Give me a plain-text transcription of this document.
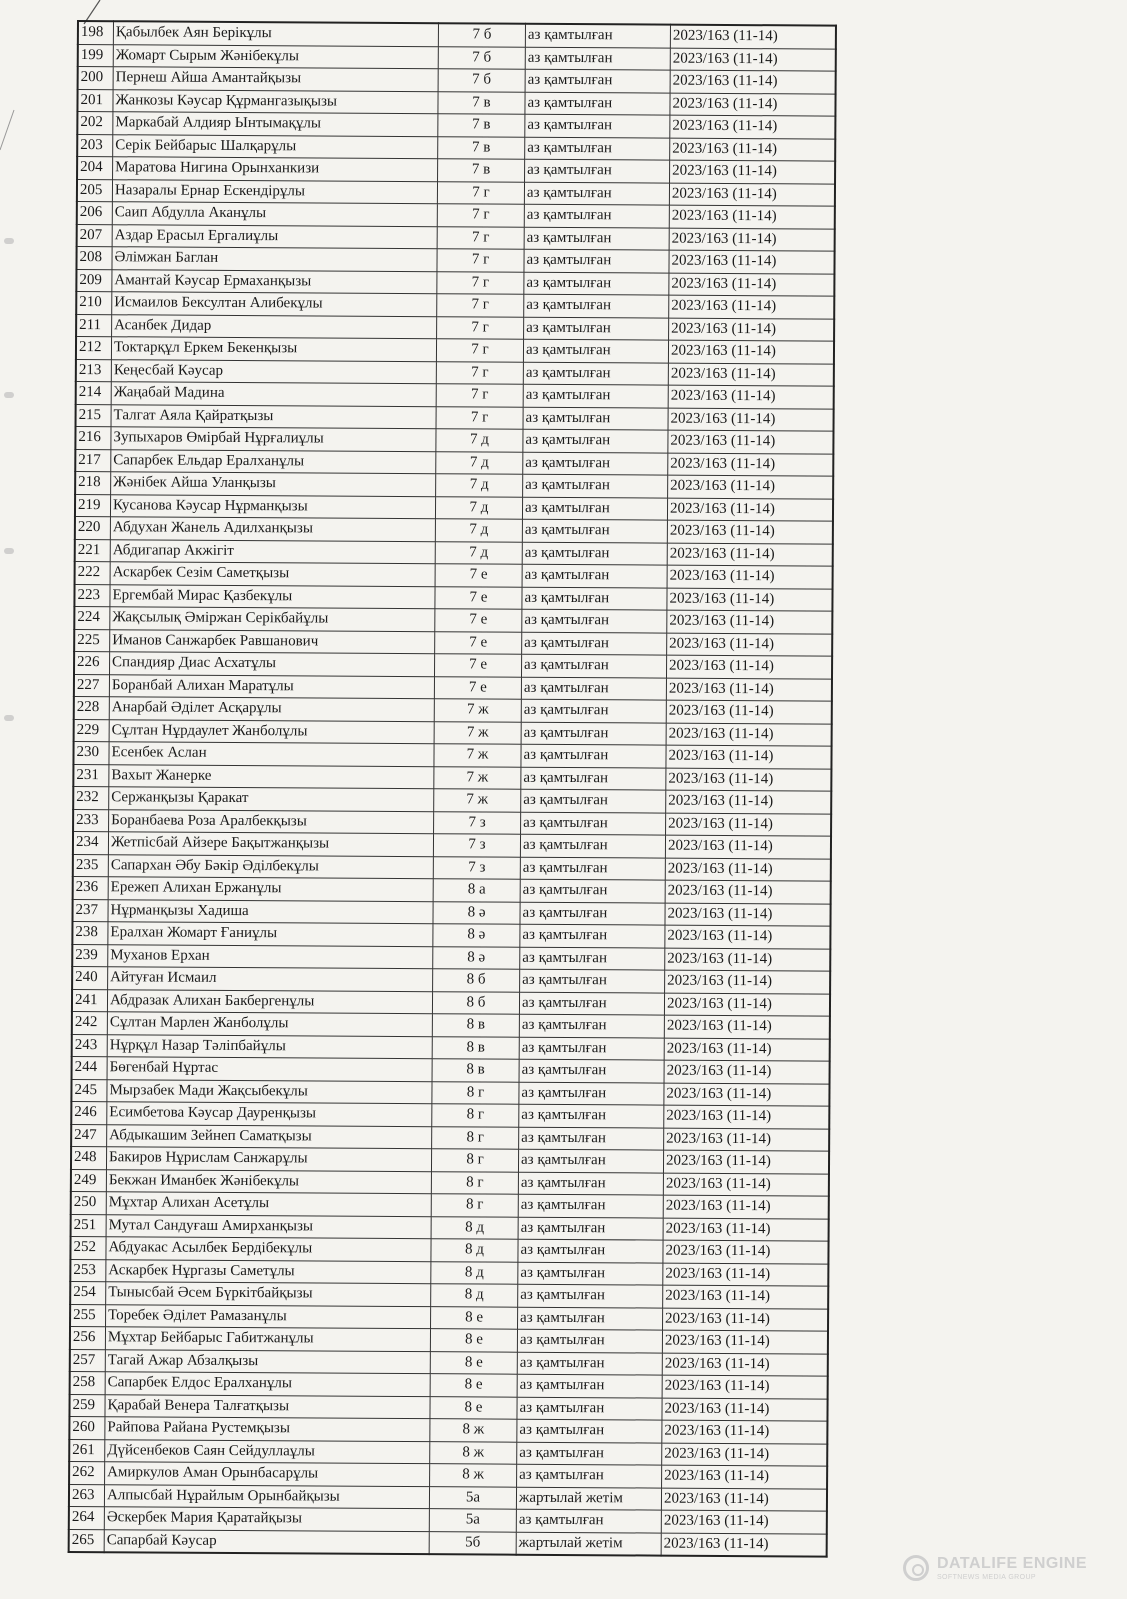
198	Қабылбек Аян Берікұлы	7 б	аз қамтылған	2023/163 (11-14)
199	Жомарт Сырым Жәнібекұлы	7 б	аз қамтылған	2023/163 (11-14)
200	Пернеш Айша Амантайқызы	7 б	аз қамтылған	2023/163 (11-14)
201	Жанкозы Кәусар Құрмангазықызы	7 в	аз қамтылған	2023/163 (11-14)
202	Маркабай Алдияр Ынтымақұлы	7 в	аз қамтылған	2023/163 (11-14)
203	Серік Бейбарыс Шалқарұлы	7 в	аз қамтылған	2023/163 (11-14)
204	Маратова Нигина Орынханкизи	7 в	аз қамтылған	2023/163 (11-14)
205	Назаралы Ернар Ескендірұлы	7 г	аз қамтылған	2023/163 (11-14)
206	Саип Абдулла Аканұлы	7 г	аз қамтылған	2023/163 (11-14)
207	Аздар Ерасыл Ергалиұлы	7 г	аз қамтылған	2023/163 (11-14)
208	Әлімжан Баглан	7 г	аз қамтылған	2023/163 (11-14)
209	Амантай Кәусар Ермаханқызы	7 г	аз қамтылған	2023/163 (11-14)
210	Исмаилов Бексултан Алибекұлы	7 г	аз қамтылған	2023/163 (11-14)
211	Асанбек Дидар	7 г	аз қамтылған	2023/163 (11-14)
212	Токтарқұл Еркем Бекенқызы	7 г	аз қамтылған	2023/163 (11-14)
213	Кеңесбай Кәусар	7 г	аз қамтылған	2023/163 (11-14)
214	Жаңабай Мадина	7 г	аз қамтылған	2023/163 (11-14)
215	Талгат Аяла Қайратқызы	7 г	аз қамтылған	2023/163 (11-14)
216	Зупыхаров Өмірбай Нұрғалиұлы	7 д	аз қамтылған	2023/163 (11-14)
217	Сапарбек Ельдар Ералханұлы	7 д	аз қамтылған	2023/163 (11-14)
218	Жәнібек Айша Уланқызы	7 д	аз қамтылған	2023/163 (11-14)
219	Кусанова Кәусар Нұрманқызы	7 д	аз қамтылған	2023/163 (11-14)
220	Абдухан Жанель Адилханқызы	7 д	аз қамтылған	2023/163 (11-14)
221	Абдигапар Акжігіт	7 д	аз қамтылған	2023/163 (11-14)
222	Аскарбек Сезім Саметқызы	7 е	аз қамтылған	2023/163 (11-14)
223	Ергембай Мирас Қазбекұлы	7 е	аз қамтылған	2023/163 (11-14)
224	Жақсылық Әміржан Серікбайұлы	7 е	аз қамтылған	2023/163 (11-14)
225	Иманов Санжарбек Равшанович	7 е	аз қамтылған	2023/163 (11-14)
226	Спандияр Диас Асхатұлы	7 е	аз қамтылған	2023/163 (11-14)
227	Боранбай Алихан Маратұлы	7 е	аз қамтылған	2023/163 (11-14)
228	Анарбай Әділет Асқарұлы	7 ж	аз қамтылған	2023/163 (11-14)
229	Сұлтан Нұрдаулет Жанболұлы	7 ж	аз қамтылған	2023/163 (11-14)
230	Есенбек Аслан	7 ж	аз қамтылған	2023/163 (11-14)
231	Вахыт Жанерке	7 ж	аз қамтылған	2023/163 (11-14)
232	Сержанқызы Қаракат	7 ж	аз қамтылған	2023/163 (11-14)
233	Боранбаева Роза Аралбекқызы	7 з	аз қамтылған	2023/163 (11-14)
234	Жетпісбай Айзере Бақытжанқызы	7 з	аз қамтылған	2023/163 (11-14)
235	Сапархан Әбу Бәкір Әділбекұлы	7 з	аз қамтылған	2023/163 (11-14)
236	Ережеп Алихан Ержанұлы	8 а	аз қамтылған	2023/163 (11-14)
237	Нұрманқызы Хадиша	8 ә	аз қамтылған	2023/163 (11-14)
238	Ералхан Жомарт Ғаниұлы	8 ә	аз қамтылған	2023/163 (11-14)
239	Муханов Ерхан	8 ә	аз қамтылған	2023/163 (11-14)
240	Айтуған Исмаил	8 б	аз қамтылған	2023/163 (11-14)
241	Абдразак Алихан Бакбергенұлы	8 б	аз қамтылған	2023/163 (11-14)
242	Сұлтан Марлен Жанболұлы	8 в	аз қамтылған	2023/163 (11-14)
243	Нұрқұл Назар Тәліпбайұлы	8 в	аз қамтылған	2023/163 (11-14)
244	Бөгенбай Нұртас	8 в	аз қамтылған	2023/163 (11-14)
245	Мырзабек Мади Жақсыбекұлы	8 г	аз қамтылған	2023/163 (11-14)
246	Есимбетова Кәусар Дауренқызы	8 г	аз қамтылған	2023/163 (11-14)
247	Абдыкашим Зейнеп Саматқызы	8 г	аз қамтылған	2023/163 (11-14)
248	Бакиров Нұрислам Санжарұлы	8 г	аз қамтылған	2023/163 (11-14)
249	Бекжан Иманбек Жәнібекұлы	8 г	аз қамтылған	2023/163 (11-14)
250	Мұхтар Алихан Асетұлы	8 г	аз қамтылған	2023/163 (11-14)
251	Мутал Сандуғаш Амирханқызы	8 д	аз қамтылған	2023/163 (11-14)
252	Абдуакас Асылбек Бердібекұлы	8 д	аз қамтылған	2023/163 (11-14)
253	Аскарбек Нұргазы Саметұлы	8 д	аз қамтылған	2023/163 (11-14)
254	Тынысбай Әсем Бүркітбайқызы	8 д	аз қамтылған	2023/163 (11-14)
255	Торебек Әділет Рамазанұлы	8 е	аз қамтылған	2023/163 (11-14)
256	Мұхтар Бейбарыс Габитжанұлы	8 е	аз қамтылған	2023/163 (11-14)
257	Тагай Ажар Абзалқызы	8 е	аз қамтылған	2023/163 (11-14)
258	Сапарбек Елдос Ералханұлы	8 е	аз қамтылған	2023/163 (11-14)
259	Қарабай Венера Талғатқызы	8 е	аз қамтылған	2023/163 (11-14)
260	Райпова Райана Рустемқызы	8 ж	аз қамтылған	2023/163 (11-14)
261	Дүйсенбеков Саян Сейдуллаұлы	8 ж	аз қамтылған	2023/163 (11-14)
262	Амиркулов Аман Орынбасарұлы	8 ж	аз қамтылған	2023/163 (11-14)
263	Алпысбай Нұрайлым Орынбайқызы	5а	жартылай жетім	2023/163 (11-14)
264	Әскербек Мария Қаратайқызы	5а	аз қамтылған	2023/163 (11-14)
265	Сапарбай Кәусар	5б	жартылай жетім	2023/163 (11-14)
DATALIFE ENGINE
SOFTNEWS MEDIA GROUP
